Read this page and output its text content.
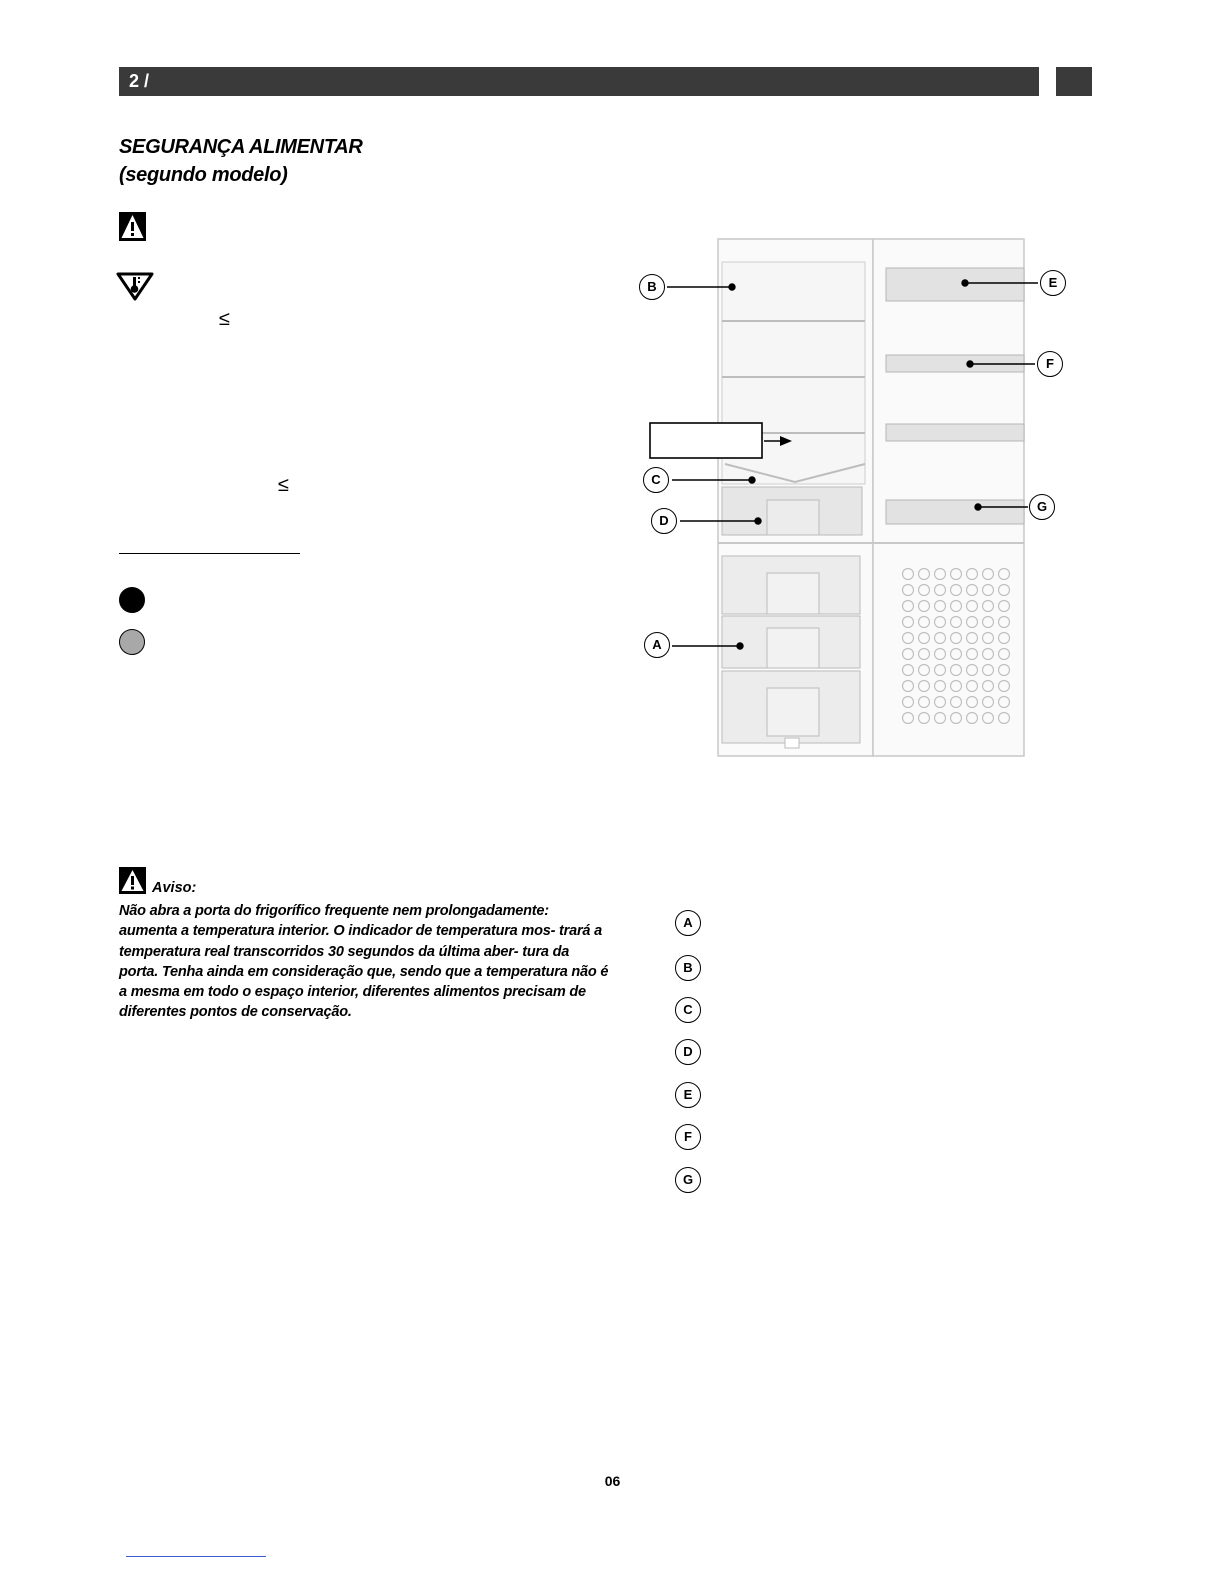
2 /
SEGURANÇA ALIMENTAR
(segundo modelo)
≤
≤
B	E
F
C
D
G
A
Aviso:
Não abra a porta do frigorífico frequente nem prolongadamente: aumenta a temperatura interior. O indicador de temperatura mos- trará a temperatura real transcorridos 30 segundos da última aber- tura da porta. Tenha ainda em consideração que, sendo que a temperatura não é a mesma em todo o espaço interior, diferentes alimentos precisam de diferentes pontos de conservação.
A
B
C
D
E
F
G
06
